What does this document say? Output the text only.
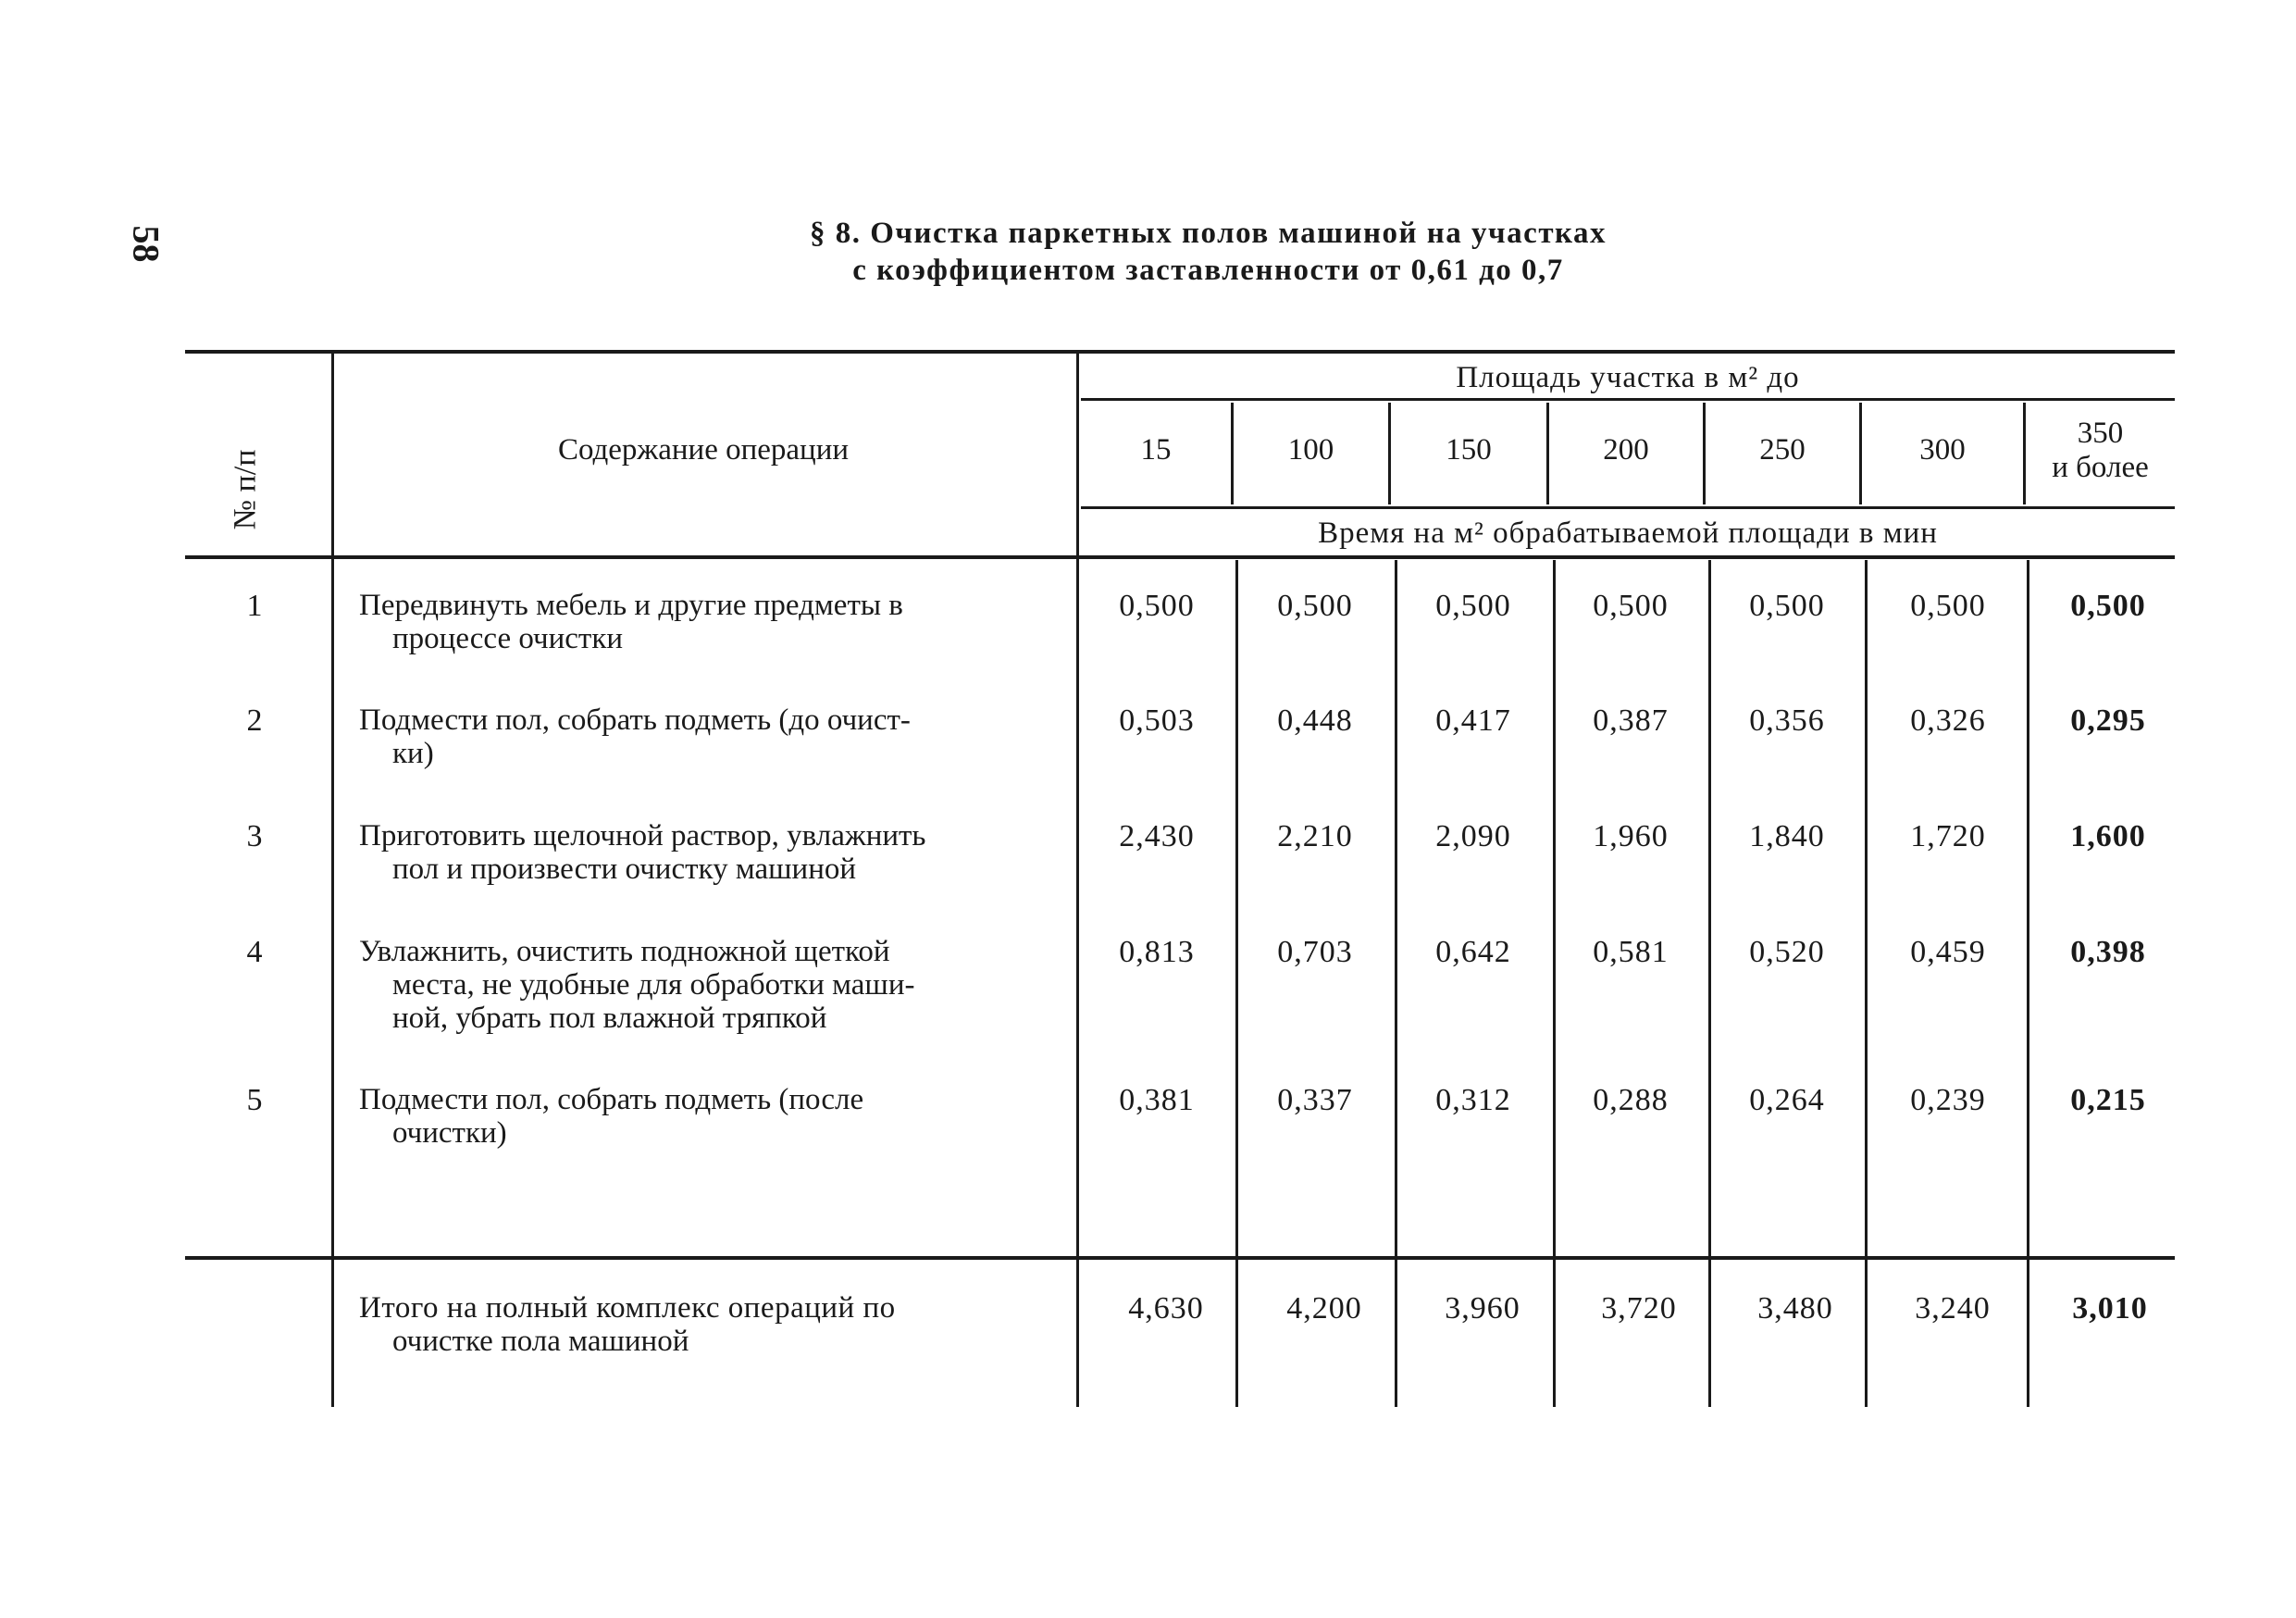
58	§ 8. Очистка паркетных полов машиной на участках
с коэффициентом заставленности от 0,61 до 0,7
№ п/п	Содержание операции
Площадь участка в м² до
15	100	150	200	250	300	350
и более
Время на м² обрабатываемой площади в мин
1	Передвинуть мебель и другие предметы в
процессе очистки
0,500	0,500	0,500	0,500	0,500	0,500	0,500
2	Подмести пол, собрать подметь (до очист-
ки)
0,503	0,448	0,417	0,387	0,356	0,326	0,295
3	Приготовить щелочной раствор, увлажнить
пол и произвести очистку машиной
2,430	2,210	2,090	1,960	1,840	1,720	1,600
4	Увлажнить, очистить подножной щеткой
места, не удобные для обработки маши-
ной, убрать пол влажной тряпкой
0,813	0,703	0,642	0,581	0,520	0,459	0,398
5	Подмести пол, собрать подметь (после
очистки)
0,381	0,337	0,312	0,288	0,264	0,239	0,215
Итого на полный комплекс операций по
очистке пола машиной
4,630	4,200	3,960	3,720	3,480	3,240	3,010
